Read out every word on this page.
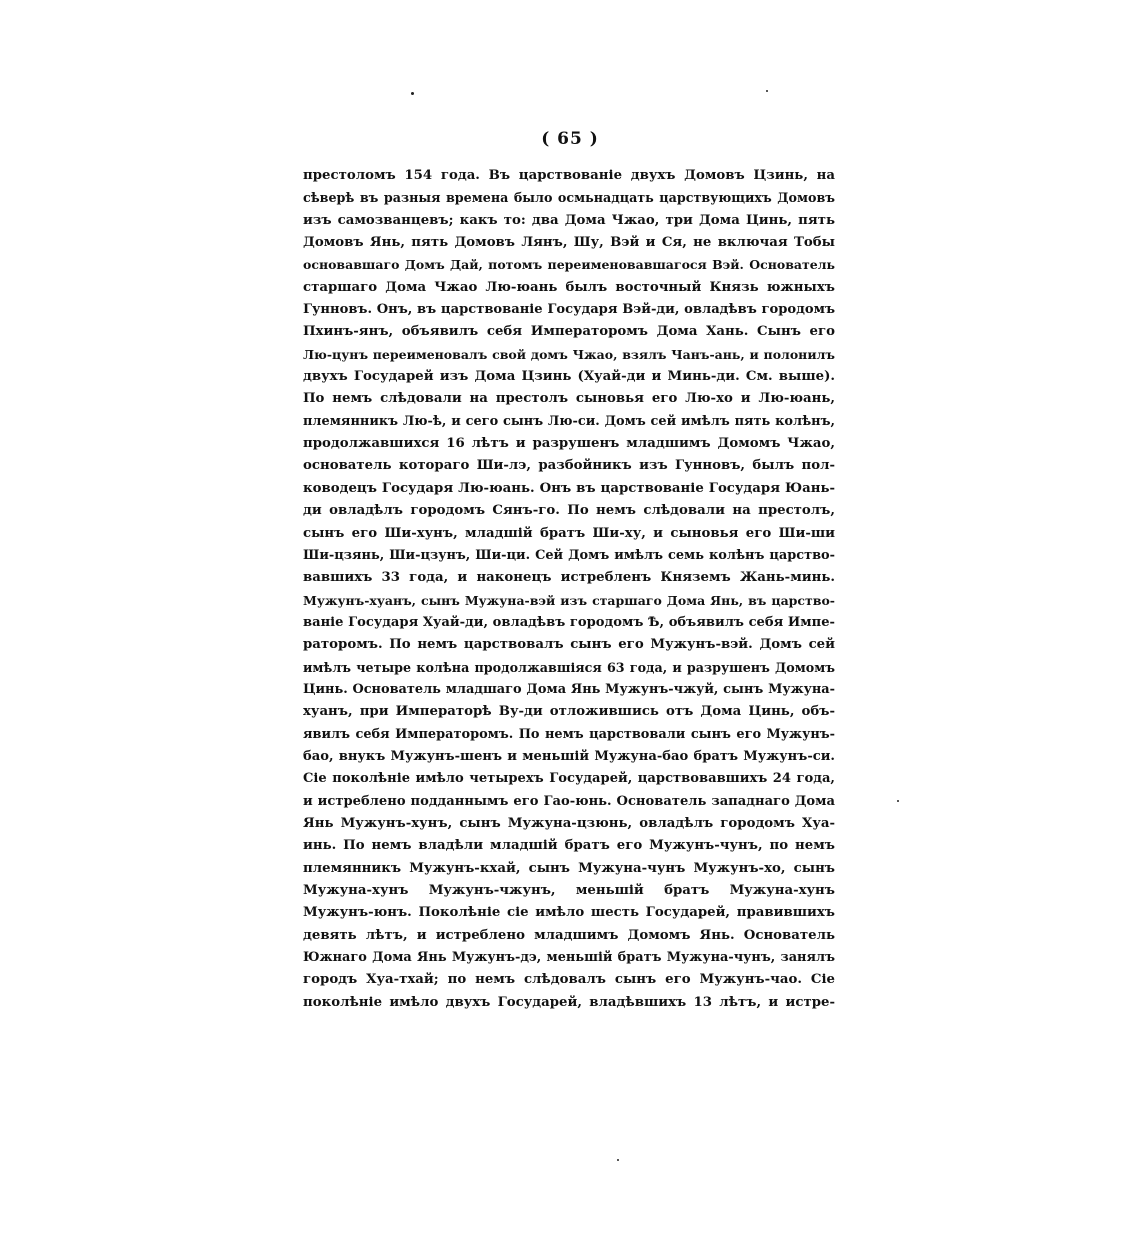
( 65 )
престоломъ 154 года. Въ царствованіе двухъ Домовъ Цзинь, на
сѣверѣ въ разныя времена было осмьнадцать царствующихъ Домовъ
изъ самозванцевъ; какъ то: два Дома Чжао, три Дома Цинь, пять
Домовъ Янь, пять Домовъ Лянъ, Шу, Вэй и Ся, не включая Тобы
основавшаго Домъ Дай, потомъ переименовавшагося Вэй. Основатель
старшаго Дома Чжао Лю-юань былъ восточный Князь южныхъ
Гунновъ. Онъ, въ царствованіе Государя Вэй-ди, овладѣвъ городомъ
Пхинъ-янъ, объявилъ себя Императоромъ Дома Хань. Сынъ его
Лю-цунъ переименовалъ свой домъ Чжао, взялъ Чанъ-ань, и полонилъ
двухъ Государей изъ Дома Цзинь (Хуай-ди и Минь-ди. См. выше).
По немъ слѣдовали на престолъ сыновья его Лю-хо и Лю-юань,
племянникъ Лю-ѣ, и сего сынъ Лю-си. Домъ сей имѣлъ пять колѣнъ,
продолжавшихся 16 лѣтъ и разрушенъ младшимъ Домомъ Чжао,
основатель котораго Ши-лэ, разбойникъ изъ Гунновъ, былъ пол-
ководецъ Государя Лю-юань. Онъ въ царствованіе Государя Юань-
ди овладѣлъ городомъ Сянъ-го. По немъ слѣдовали на престолъ,
сынъ его Ши-хунъ, младшій братъ Ши-ху, и сыновья его Ши-ши
Ши-цзянь, Ши-цзунъ, Ши-ци. Сей Домъ имѣлъ семь колѣнъ царство-
вавшихъ 33 года, и наконецъ истребленъ Княземъ Жань-минь.
Мужунъ-хуанъ, сынъ Мужуна-вэй изъ старшаго Дома Янь, въ царство-
ваніе Государя Хуай-ди, овладѣвъ городомъ Ѣ, объявилъ себя Импе-
раторомъ. По немъ царствовалъ сынъ его Мужунъ-вэй. Домъ сей
имѣлъ четыре колѣна продолжавшіяся 63 года, и разрушенъ Домомъ
Цинь. Основатель младшаго Дома Янь Мужунъ-чжуй, сынъ Мужуна-
хуанъ, при Императорѣ Ву-ди отложившись отъ Дома Цинь, объ-
явилъ себя Императоромъ. По немъ царствовали сынъ его Мужунъ-
бао, внукъ Мужунъ-шенъ и меньшій Мужуна-бао братъ Мужунъ-си.
Сіе поколѣніе имѣло четырехъ Государей, царствовавшихъ 24 года,
и истреблено подданнымъ его Гао-юнь. Основатель западнаго Дома
Янь Мужунъ-хунъ, сынъ Мужуна-цзюнь, овладѣлъ городомъ Хуа-
инь. По немъ владѣли младшій братъ его Мужунъ-чунъ, по немъ
племянникъ Мужунъ-кхай, сынъ Мужуна-чунъ Мужунъ-хо, сынъ
Мужуна-хунъ Мужунъ-чжунъ, меньшій братъ Мужуна-хунъ
Мужунъ-юнъ. Поколѣніе сіе имѣло шесть Государей, правившихъ
девять лѣтъ, и истреблено младшимъ Домомъ Янь. Основатель
Южнаго Дома Янь Мужунъ-дэ, меньшій братъ Мужуна-чунъ, занялъ
городъ Хуа-тхай; по немъ слѣдовалъ сынъ его Мужунъ-чао. Сіе
поколѣніе имѣло двухъ Государей, владѣвшихъ 13 лѣтъ, и истре-
